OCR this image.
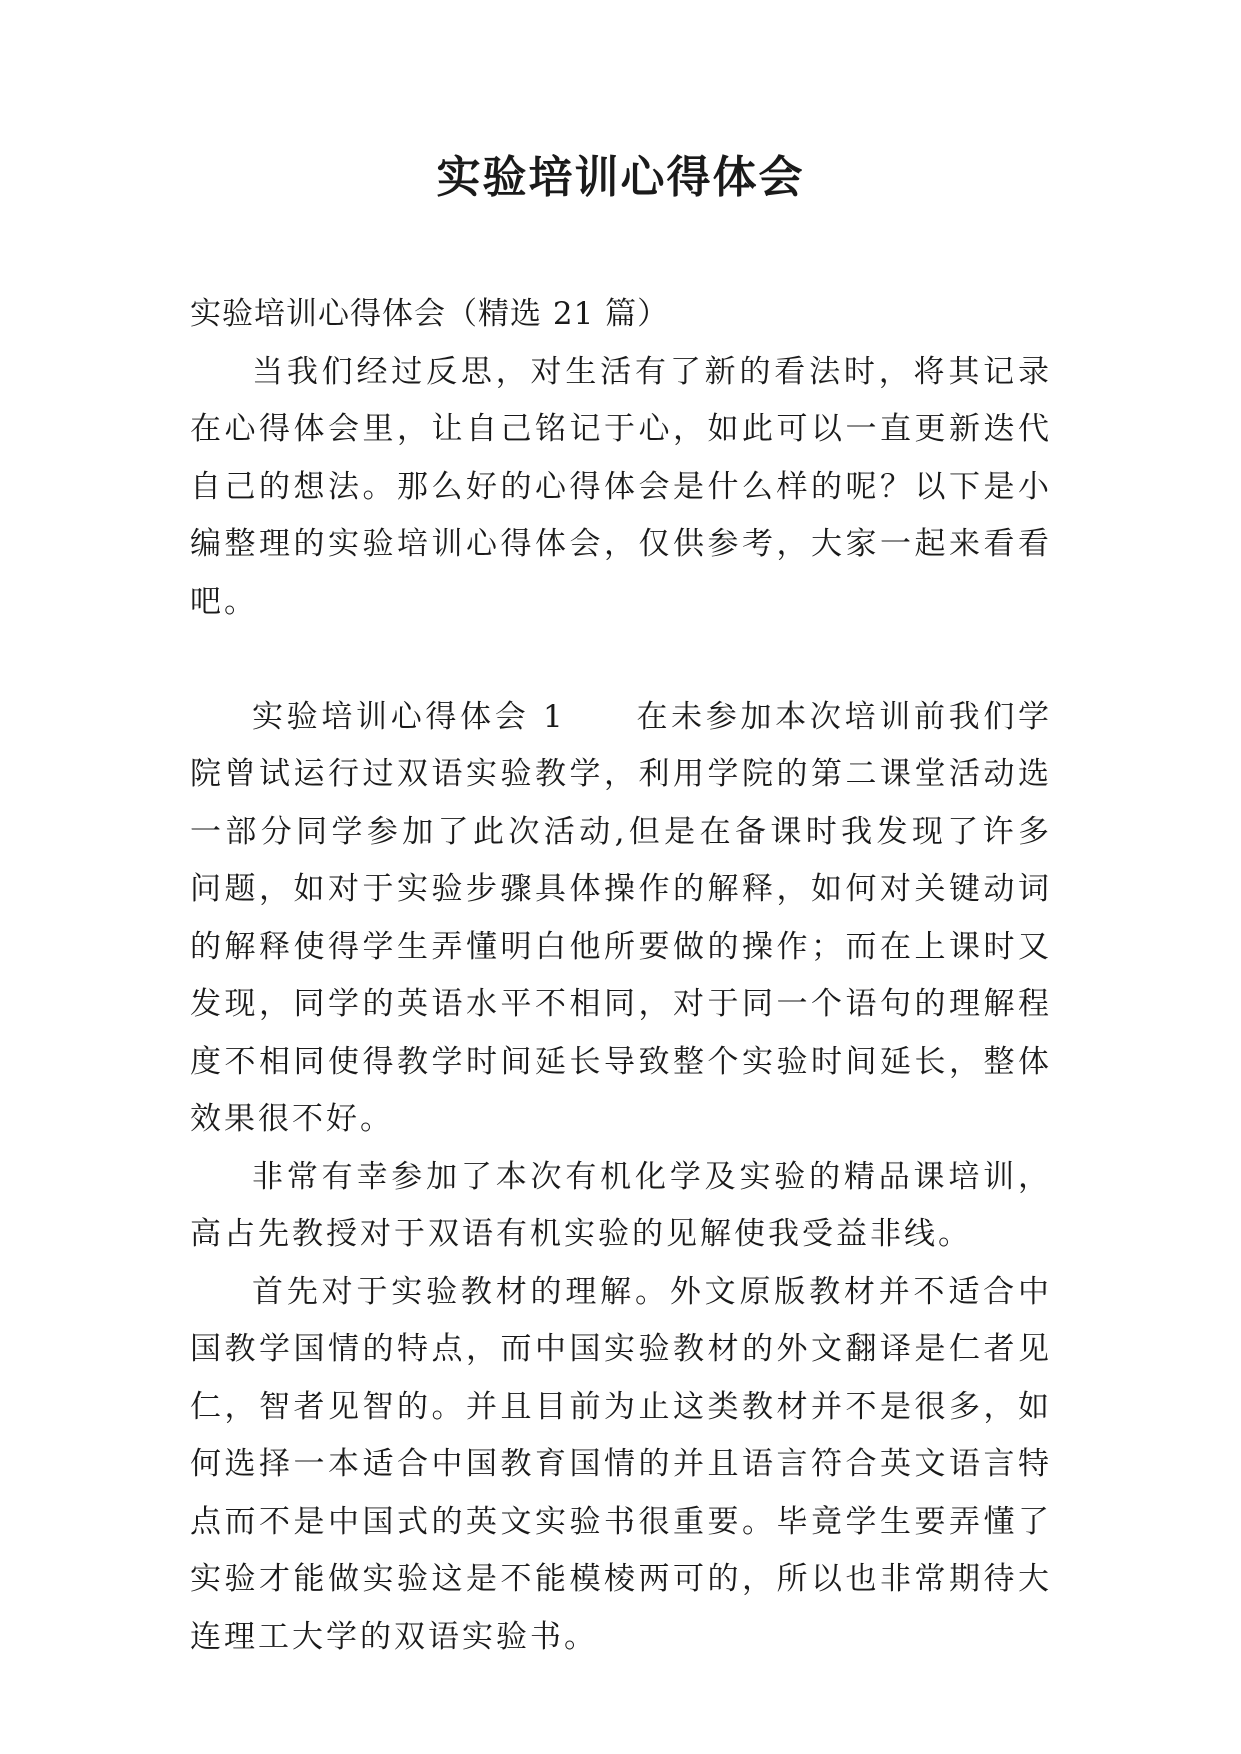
实验培训心得体会

实验培训心得体会（精选 21 篇）

当我们经过反思，对生活有了新的看法时，将其记录在心得体会里，让自己铭记于心，如此可以一直更新迭代自己的想法。那么好的心得体会是什么样的呢？以下是小编整理的实验培训心得体会，仅供参考，大家一起来看看吧。

实验培训心得体会 1 在未参加本次培训前我们学院曾试运行过双语实验教学，利用学院的第二课堂活动选一部分同学参加了此次活动,但是在备课时我发现了许多问题，如对于实验步骤具体操作的解释，如何对关键动词的解释使得学生弄懂明白他所要做的操作；而在上课时又发现，同学的英语水平不相同，对于同一个语句的理解程度不相同使得教学时间延长导致整个实验时间延长，整体效果很不好。

非常有幸参加了本次有机化学及实验的精品课培训，高占先教授对于双语有机实验的见解使我受益非线。

首先对于实验教材的理解。外文原版教材并不适合中国教学国情的特点，而中国实验教材的外文翻译是仁者见仁，智者见智的。并且目前为止这类教材并不是很多，如何选择一本适合中国教育国情的并且语言符合英文语言特点而不是中国式的英文实验书很重要。毕竟学生要弄懂了实验才能做实验这是不能模棱两可的，所以也非常期待大连理工大学的双语实验书。
